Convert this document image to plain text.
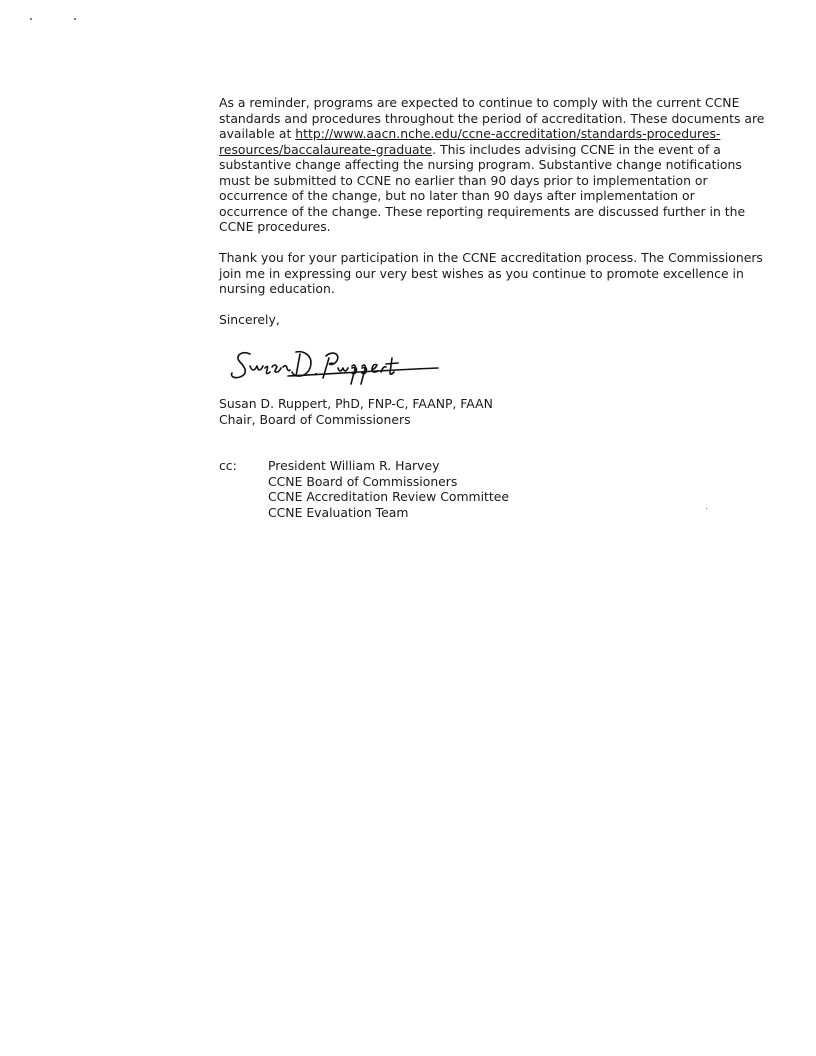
As a reminder, programs are expected to continue to comply with the current CCNE
standards and procedures throughout the period of accreditation. These documents are
available at http://www.aacn.nche.edu/ccne-accreditation/standards-procedures-
resources/baccalaureate-graduate. This includes advising CCNE in the event of a
substantive change affecting the nursing program. Substantive change notifications
must be submitted to CCNE no earlier than 90 days prior to implementation or
occurrence of the change, but no later than 90 days after implementation or
occurrence of the change. These reporting requirements are discussed further in the
CCNE procedures.

Thank you for your participation in the CCNE accreditation process. The Commissioners
join me in expressing our very best wishes as you continue to promote excellence in
nursing education.

Sincerely,

Susan D. Ruppert
Susan D. Ruppert, PhD, FNP-C, FAANP, FAAN
Chair, Board of Commissioners
cc:	President William R. Harvey
CCNE Board of Commissioners
CCNE Accreditation Review Committee
CCNE Evaluation Team
